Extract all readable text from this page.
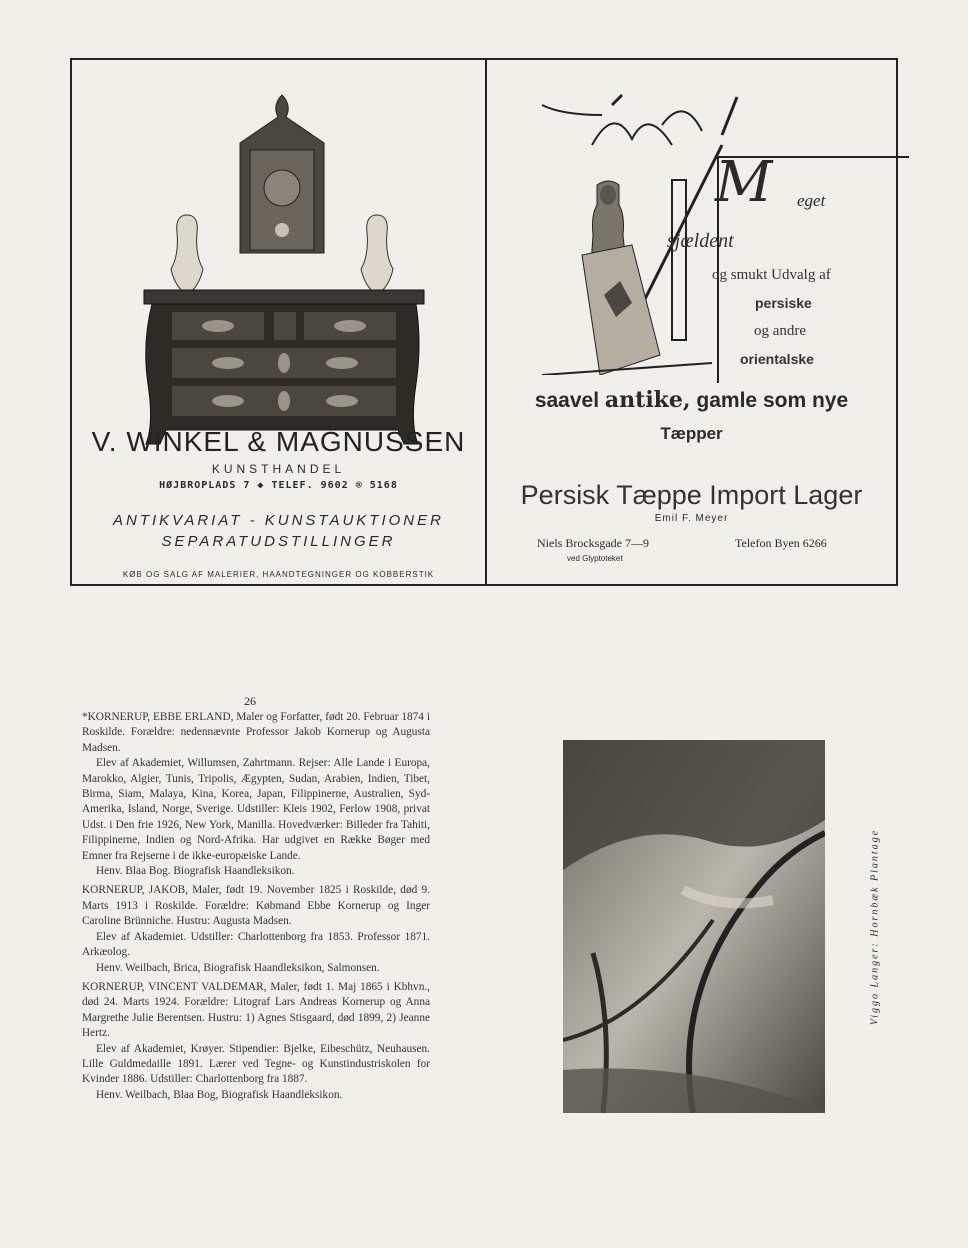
V. WINKEL & MAGNUSSEN
KUNSTHANDEL
HØJBROPLADS 7 ◆ TELEF. 9602 ® 5168
ANTIKVARIAT - KUNSTAUKTIONER
SEPARATUDSTILLINGER
KØB OG SALG AF MALERIER, HAANDTEGNINGER OG KOBBERSTIK
M eget
sjældent
og smukt Udvalg af
persiske
og andre
orientalske
saavel antike, gamle som nye
Tæpper
Persisk Tæppe Import Lager
Emil F. Meyer
Niels Brocksgade 7—9
ved Glyptoteket
Telefon Byen 6266
26

*KORNERUP, EBBE ERLAND, Maler og Forfatter, født 20. Februar 1874 i Roskilde. Forældre: nedennævnte Professor Jakob Kornerup og Augusta Madsen.

Elev af Akademiet, Willumsen, Zahrtmann. Rejser: Alle Lande i Europa, Marokko, Algier, Tunis, Tripolis, Ægypten, Sudan, Arabien, Indien, Tibet, Birma, Siam, Malaya, Kina, Korea, Japan, Filippinerne, Australien, Syd-Amerika, Island, Norge, Sverige. Udstiller: Kleis 1902, Ferlow 1908, privat Udst. i Den frie 1926, New York, Manilla. Hovedværker: Billeder fra Tahiti, Filippinerne, Indien og Nord-Afrika. Har udgivet en Række Bøger med Emner fra Rejserne i de ikke-europæiske Lande.

Henv. Blaa Bog. Biografisk Haandleksikon.

KORNERUP, JAKOB, Maler, født 19. November 1825 i Roskilde, død 9. Marts 1913 i Roskilde. Forældre: Købmand Ebbe Kornerup og Inger Caroline Brünniche. Hustru: Augusta Madsen.

Elev af Akademiet. Udstiller: Charlottenborg fra 1853. Professor 1871. Arkæolog.

Henv. Weilbach, Brica, Biografisk Haandleksikon, Salmonsen.

KORNERUP, VINCENT VALDEMAR, Maler, født 1. Maj 1865 i Kbhvn., død 24. Marts 1924. Forældre: Litograf Lars Andreas Kornerup og Anna Margrethe Julie Berentsen. Hustru: 1) Agnes Stisgaard, død 1899, 2) Jeanne Hertz.

Elev af Akademiet, Krøyer. Stipendier: Bjelke, Eibeschütz, Neuhausen. Lille Guldmedaille 1891. Lærer ved Tegne- og Kunstindustriskolen for Kvinder 1886. Udstiller: Charlottenborg fra 1887.

Henv. Weilbach, Blaa Bog, Biografisk Haandleksikon.

Viggo Langer: Hornbæk Plantage
